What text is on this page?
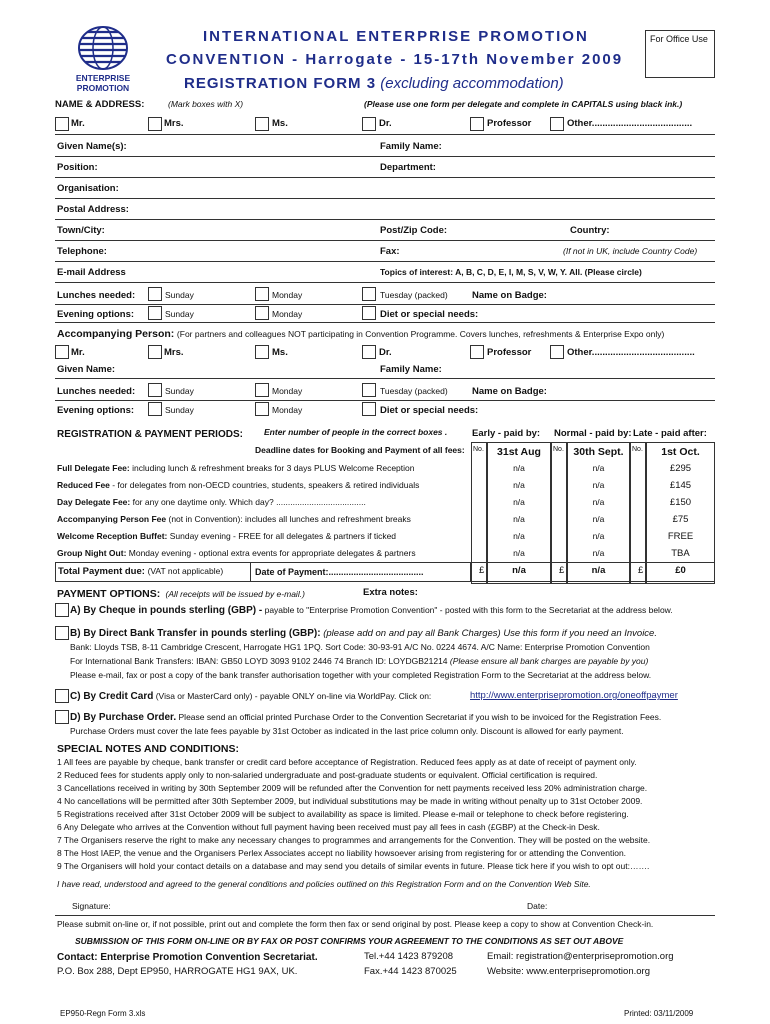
ENTERPRISE
PROMOTION
INTERNATIONAL ENTERPRISE PROMOTION
CONVENTION - Harrogate - 15-17th November 2009
REGISTRATION FORM 3 (excluding accommodation)
For Office Use
NAME & ADDRESS:	(Mark boxes with X)	(Please use one form per delegate and complete in CAPITALS using black ink.)
Mr.	Mrs.	Ms.	Dr.	Professor	Other......................................
Given Name(s):	Family Name:
Position:	Department:
Organisation:
Postal Address:
Town/City:	Post/Zip Code:	Country:
Telephone:	Fax:	(If not in UK, include Country Code)
E-mail Address	Topics of interest: A, B, C, D, E, I, M, S, V, W, Y. All. (Please circle)
Lunches needed:	Sunday	Monday	Tuesday (packed)	Name on Badge:
Evening options:	Sunday	Monday	Diet or special needs:
Accompanying Person: (For partners and colleagues NOT participating in Convention Programme. Covers lunches, refreshments & Enterprise Expo only)
Mr.	Mrs.	Ms.	Dr.	Professor	Other.......................................
Given Name:	Family Name:
Lunches needed:	Sunday	Monday	Tuesday (packed)	Name on Badge:
Evening options:	Sunday	Monday	Diet or special needs:
REGISTRATION & PAYMENT PERIODS: Enter number of people in the correct boxes .	Early - paid by: Normal - paid by: Late - paid after:
Deadline dates for Booking and Payment of all fees: No.	No.	No.
31st Aug	30th Sept.	1st Oct.
Full Delegate Fee: including lunch & refreshment breaks for 3 days PLUS Welcome Reception	n/a	n/a	£295
Reduced Fee - for delegates from non-OECD countries, students, speakers & retired individuals	n/a	n/a	£145
Day Delegate Fee: for any one daytime only. Which day? ......................................	n/a	n/a	£150
Accompanying Person Fee (not in Convention): includes all lunches and refreshment breaks	n/a	n/a	£75
Welcome Reception Buffet: Sunday evening - FREE for all delegates & partners if ticked	n/a	n/a	FREE
Group Night Out: Monday evening - optional extra events for appropriate delegates & partners	n/a	n/a	TBA
Total Payment due: (VAT not applicable)	Date of Payment:......................................	£	n/a	£	n/a	£	£0
PAYMENT OPTIONS: (All receipts will be issued by e-mail.)	Extra notes:
A) By Cheque in pounds sterling (GBP) - payable to "Enterprise Promotion Convention" - posted with this form to the Secretariat at the address below.
B) By Direct Bank Transfer in pounds sterling (GBP): (please add on and pay all Bank Charges) Use this form if you need an Invoice.
Bank: Lloyds TSB, 8-11 Cambridge Crescent, Harrogate HG1 1PQ. Sort Code: 30-93-91 A/C No. 0224 4674. A/C Name: Enterprise Promotion Convention
For International Bank Transfers: IBAN: GB50 LOYD 3093 9102 2446 74 Branch ID: LOYDGB21214 (Please ensure all bank charges are payable by you)
Please e-mail, fax or post a copy of the bank transfer authorisation together with your completed Registration Form to the Secretariat at the address below.
C) By Credit Card (Visa or MasterCard only) - payable ONLY on-line via WorldPay. Click on:	http://www.enterprisepromotion.org/oneoffpaymer
D) By Purchase Order. Please send an official printed Purchase Order to the Convention Secretariat if you wish to be invoiced for the Registration Fees.
Purchase Orders must cover the late fees payable by 31st October as indicated in the last price column only. Discount is allowed for early payment.
SPECIAL NOTES AND CONDITIONS:
1 All fees are payable by cheque, bank transfer or credit card before acceptance of Registration. Reduced fees apply as at date of receipt of payment only.
2 Reduced fees for students apply only to non-salaried undergraduate and post-graduate students or equivalent. Official certification is required.
3 Cancellations received in writing by 30th September 2009 will be refunded after the Convention for nett payments received less 20% administration charge.
4 No cancellations will be permitted after 30th September 2009, but individual substitutions may be made in writing without penalty up to 31st October 2009.
5 Registrations received after 31st October 2009 will be subject to availability as space is limited. Please e-mail or telephone to check before registering.
6 Any Delegate who arrives at the Convention without full payment having been received must pay all fees in cash (£GBP) at the Check-in Desk.
7 The Organisers reserve the right to make any necessary changes to programmes and arrangements for the Convention. They will be posted on the website.
8 The Host IAEP, the venue and the Organisers Perlex Associates accept no liability howsoever arising from registering for or attending the Convention.
9 The Organisers will hold your contact details on a database and may send you details of similar events in future. Please tick here if you wish to opt out:…….
I have read, understood and agreed to the general conditions and policies outlined on this Registration Form and on the Convention Web Site.
Signature:	Date:
Please submit on-line or, if not possible, print out and complete the form then fax or send original by post. Please keep a copy to show at Convention Check-in.
SUBMISSION OF THIS FORM ON-LINE OR BY FAX OR POST CONFIRMS YOUR AGREEMENT TO THE CONDITIONS AS SET OUT ABOVE
Contact: Enterprise Promotion Convention Secretariat.
P.O. Box 288, Dept EP950, HARROGATE HG1 9AX, UK.
Tel.+44 1423 879208
Fax.+44 1423 870025
Email: registration@enterprisepromotion.org
Website: www.enterprisepromotion.org
EP950-Regn Form 3.xls	Printed: 03/11/2009
